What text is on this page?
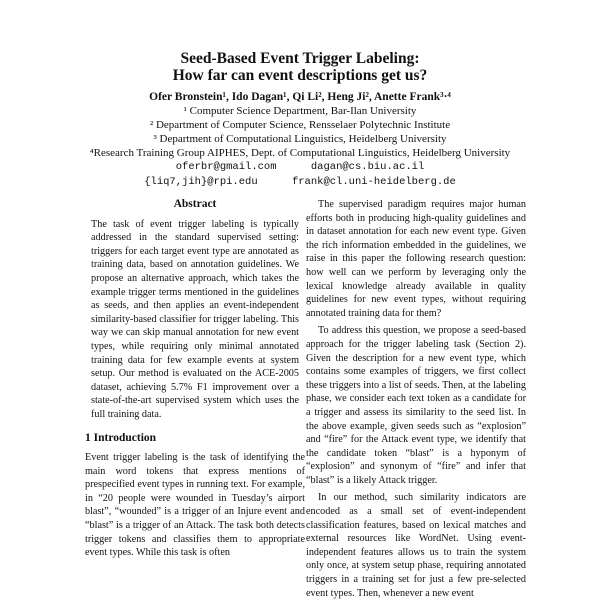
Seed-Based Event Trigger Labeling:
How far can event descriptions get us?
Ofer Bronstein¹, Ido Dagan¹, Qi Li², Heng Ji², Anette Frank³·⁴
¹ Computer Science Department, Bar-Ilan University
² Department of Computer Science, Rensselaer Polytechnic Institute
³ Department of Computational Linguistics, Heidelberg University
⁴Research Training Group AIPHES, Dept. of Computational Linguistics, Heidelberg University
oferbr@gmail.com	dagan@cs.biu.ac.il
{liq7,jih}@rpi.edu	frank@cl.uni-heidelberg.de
Abstract

The task of event trigger labeling is typically addressed in the standard supervised setting: triggers for each target event type are annotated as training data, based on annotation guidelines. We propose an alternative approach, which takes the example trigger terms mentioned in the guidelines as seeds, and then applies an event-independent similarity-based classifier for trigger labeling. This way we can skip manual annotation for new event types, while requiring only minimal annotated training data for few example events at system setup. Our method is evaluated on the ACE-2005 dataset, achieving 5.7% F1 improvement over a state-of-the-art supervised system which uses the full training data.

1 Introduction

Event trigger labeling is the task of identifying the main word tokens that express mentions of prespecified event types in running text. For example, in “20 people were wounded in Tuesday’s airport blast”, “wounded” is a trigger of an Injure event and “blast” is a trigger of an Attack. The task both detects trigger tokens and classifies them to appropriate event types. While this task is often

The supervised paradigm requires major human efforts both in producing high-quality guidelines and in dataset annotation for each new event type. Given the rich information embedded in the guidelines, we raise in this paper the following research question: how well can we perform by leveraging only the lexical knowledge already available in quality guidelines for new event types, without requiring annotated training data for them?

To address this question, we propose a seed-based approach for the trigger labeling task (Section 2). Given the description for a new event type, which contains some examples of triggers, we first collect these triggers into a list of seeds. Then, at the labeling phase, we consider each text token as a candidate for a trigger and assess its similarity to the seed list. In the above example, given seeds such as “explosion” and “fire” for the Attack event type, we identify that the candidate token “blast” is a hyponym of “explosion” and synonym of “fire” and infer that “blast” is a likely Attack trigger.

In our method, such similarity indicators are encoded as a small set of event-independent classification features, based on lexical matches and external resources like WordNet. Using event-independent features allows us to train the system only once, at system setup phase, requiring annotated triggers in a training set for just a few pre-selected event types. Then, whenever a new event
